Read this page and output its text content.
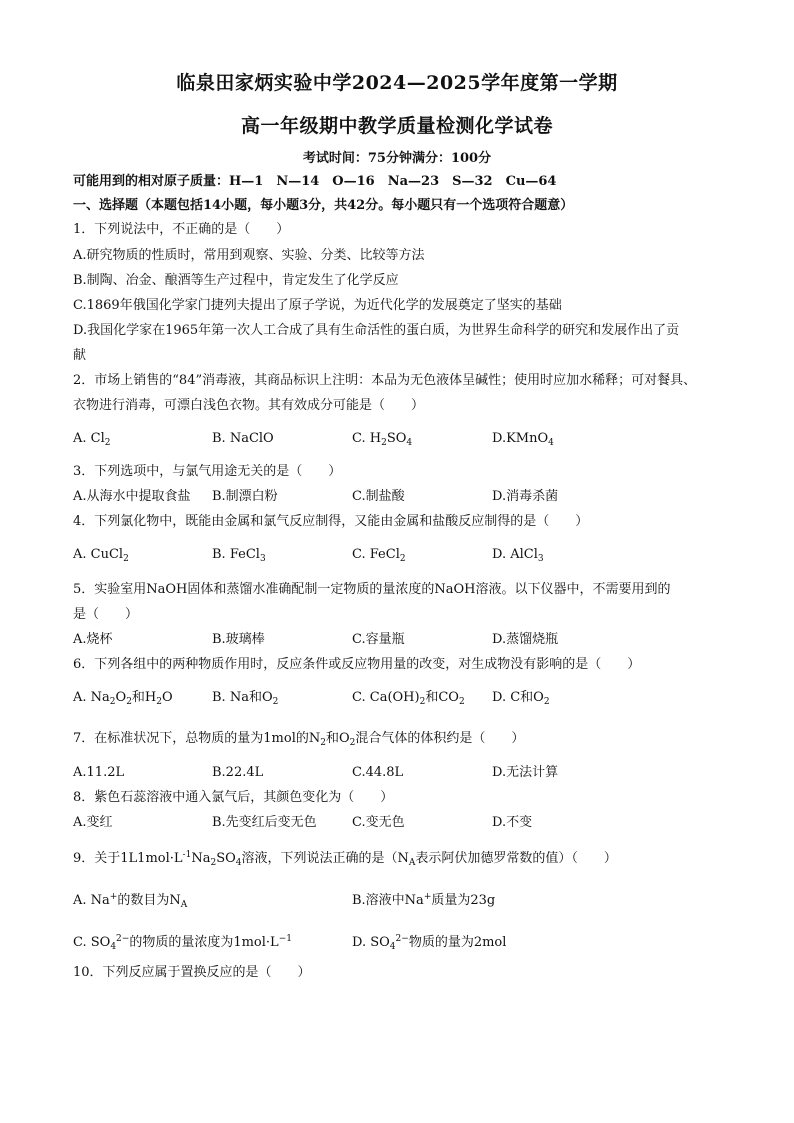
临泉田家炳实验中学2024—2025学年度第一学期
高一年级期中教学质量检测化学试卷
考试时间：75分钟满分：100分
可能用到的相对原子质量：H—1　N—14　O—16　Na—23　S—32　Cu—64
一、选择题（本题包括14小题，每小题3分，共42分。每小题只有一个选项符合题意）
1．下列说法中，不正确的是（　　）
A.研究物质的性质时，常用到观察、实验、分类、比较等方法
B.制陶、冶金、酿酒等生产过程中，肯定发生了化学反应
C.1869年俄国化学家门捷列夫提出了原子学说，为近代化学的发展奠定了坚实的基础
D.我国化学家在1965年第一次人工合成了具有生命活性的蛋白质，为世界生命科学的研究和发展作出了贡
献
2．市场上销售的“84”消毒液，其商品标识上注明：本品为无色液体呈碱性；使用时应加水稀释；可对餐具、
衣物进行消毒，可漂白浅色衣物。其有效成分可能是（　　）
A. $Cl_2$	B. NaClO	C. $H_2SO_4$	D.KMnO$_4$
3．下列选项中，与氯气用途无关的是（　　）
A.从海水中提取食盐 B.制漂白粉	C.制盐酸	D.消毒杀菌
4．下列氯化物中，既能由金属和氯气反应制得，又能由金属和盐酸反应制得的是（　　）
A. CuCl$_2$	B. FeCl$_3$	C. FeCl$_2$	D. AlCl$_3$
5．实验室用NaOH固体和蒸馏水准确配制一定物质的量浓度的NaOH溶液。以下仪器中，不需要用到的
是（　　）
A.烧杯	B.玻璃棒	C.容量瓶	D.蒸馏烧瓶
6．下列各组中的两种物质作用时，反应条件或反应物用量的改变，对生成物没有影响的是（　　）
A. $Na_2O_2$和$H_2O$	B. Na和$O_2$	C. $Ca(OH)_2$和$CO_2$ D. C和$O_2$
7．在标准状况下，总物质的量为1mol的$N_2$和$O_2$混合气体的体积约是（　　）
A.11.2L	B.22.4L	C.44.8L	D.无法计算
8．紫色石蕊溶液中通入氯气后，其颜色变化为（　　）
A.变红	B.先变红后变无色	C.变无色	D.不变
9．关于$1L1mol\cdot L^{-1}Na_2SO_4$溶液，下列说法正确的是（$N_A$表示阿伏加德罗常数的值）（　　）
A. Na+的数目为$N_A$	B.溶液中Na+质量为23g
C. $SO_4^{2-}$的物质的量浓度为$1mol\cdot L^{-1}$	D. $SO_4^{2-}$物质的量为2mol
10．下列反应属于置换反应的是（　　）
